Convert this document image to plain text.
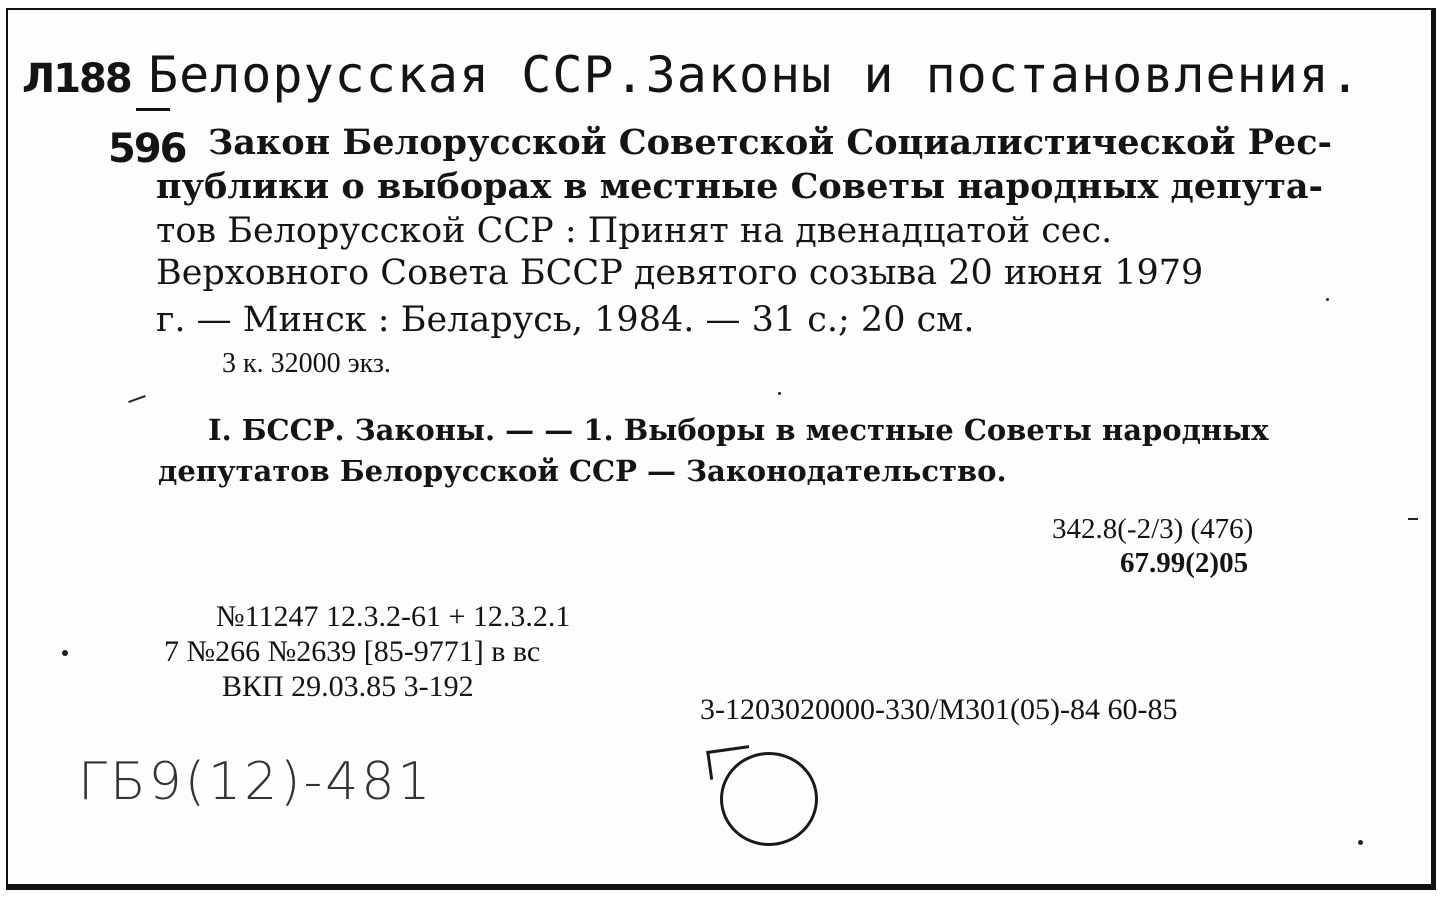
Л188 Белорусская ССР.Законы и постановления.
596 Закон Белорусской Советской Социалистической Рес-
публики о выборах в местные Советы народных депута-
тов Белорусской ССР : Принят на двенадцатой сес.
Верховного Совета БССР девятого созыва 20 июня 1979
г. — Минск : Беларусь, 1984. — 31 с.; 20 см.
3 к. 32000 экз.
I. БССР. Законы. — — 1. Выборы в местные Советы народных
депутатов Белорусской ССР — Законодательство.
342.8(-2/3) (476)
67.99(2)05
№11247 12.3.2-61 + 12.3.2.1
7 №266 №2639 [85-9771] в вс
ВКП 29.03.85 3-192
3-1203020000-330/М301(05)-84 60-85
ГБ9(12)-481
